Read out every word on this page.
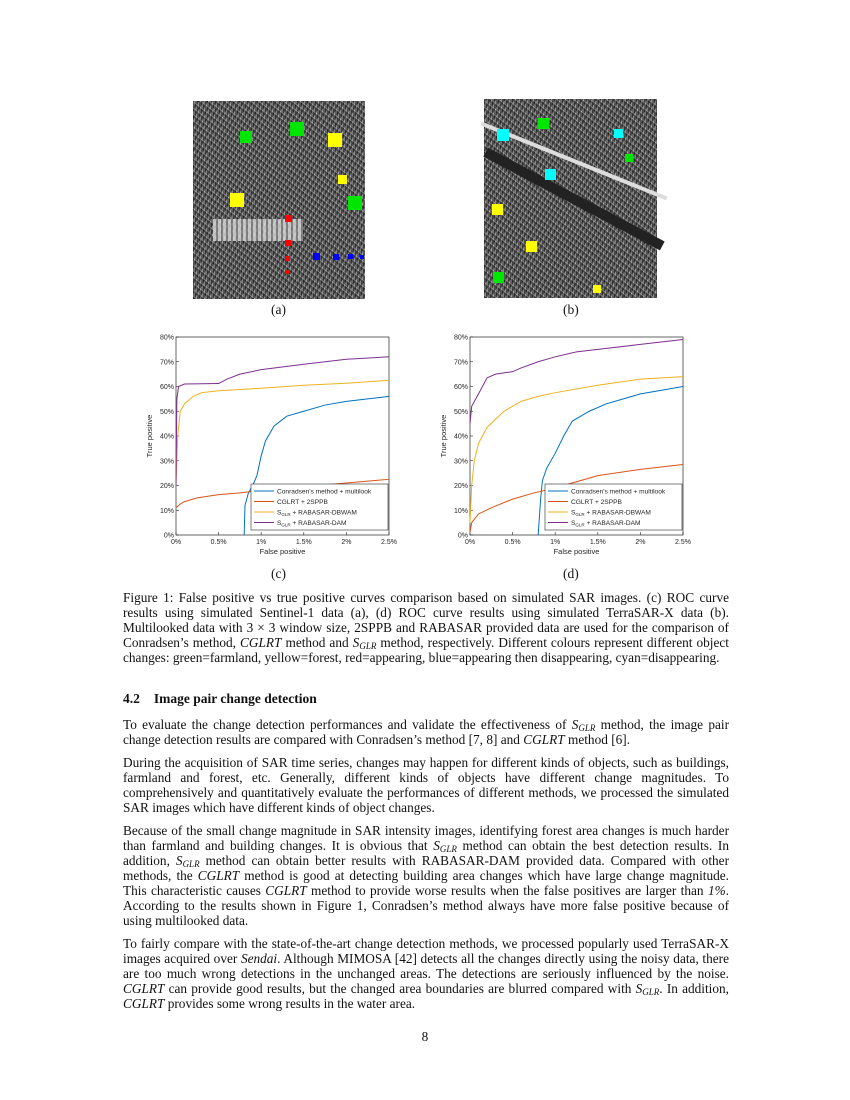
(a)	(b)
0%
10%
20%
30%
40%
50%
60%
70%
80%
0%	0.5%	1%	1.5%	2%	2.5%
False positive
True positive
Conradsen's method + multilook
CGLRT + 2SPPB
$S_{GLR}$ + RABASAR-DBWAM
$S_{GLR}$ + RABASAR-DAM
(c)
0%
10%
20%
30%
40%
50%
60%
70%
80%
0%	0.5%	1%	1.5%	2%	2.5%
False positive
True positive
Conradsen's method + multilook
CGLRT + 2SPPB
$S_{GLR}$ + RABASAR-DBWAM
$S_{GLR}$ + RABASAR-DAM
(d)
Figure 1: False positive vs true positive curves comparison based on simulated SAR images. (c) ROC curve results using simulated Sentinel-1 data (a), (d) ROC curve results using simulated TerraSAR-X data (b). Multilooked data with 3 × 3 window size, 2SPPB and RABASAR provided data are used for the comparison of Conradsen’s method, CGLRT method and $S_{GLR}$ method, respectively. Different colours represent different object changes: green=farmland, yellow=forest, red=appearing, blue=appearing then disappearing, cyan=disappearing.
4.2 Image pair change detection
To evaluate the change detection performances and validate the effectiveness of $S_{GLR}$ method, the image pair change detection results are compared with Conradsen’s method [7, 8] and CGLRT method [6].
During the acquisition of SAR time series, changes may happen for different kinds of objects, such as buildings, farmland and forest, etc. Generally, different kinds of objects have different change magnitudes. To comprehensively and quantitatively evaluate the performances of different methods, we processed the simulated SAR images which have different kinds of object changes.
Because of the small change magnitude in SAR intensity images, identifying forest area changes is much harder than farmland and building changes. It is obvious that $S_{GLR}$ method can obtain the best detection results. In addition, $S_{GLR}$ method can obtain better results with RABASAR-DAM provided data. Compared with other methods, the CGLRT method is good at detecting building area changes which have large change magnitude. This characteristic causes CGLRT method to provide worse results when the false positives are larger than 1%. According to the results shown in Figure 1, Conradsen’s method always have more false positive because of using multilooked data.
To fairly compare with the state-of-the-art change detection methods, we processed popularly used TerraSAR-X images acquired over Sendai. Although MIMOSA [42] detects all the changes directly using the noisy data, there are too much wrong detections in the unchanged areas. The detections are seriously influenced by the noise. CGLRT can provide good results, but the changed area boundaries are blurred compared with $S_{GLR}$. In addition, CGLRT provides some wrong results in the water area.
8
